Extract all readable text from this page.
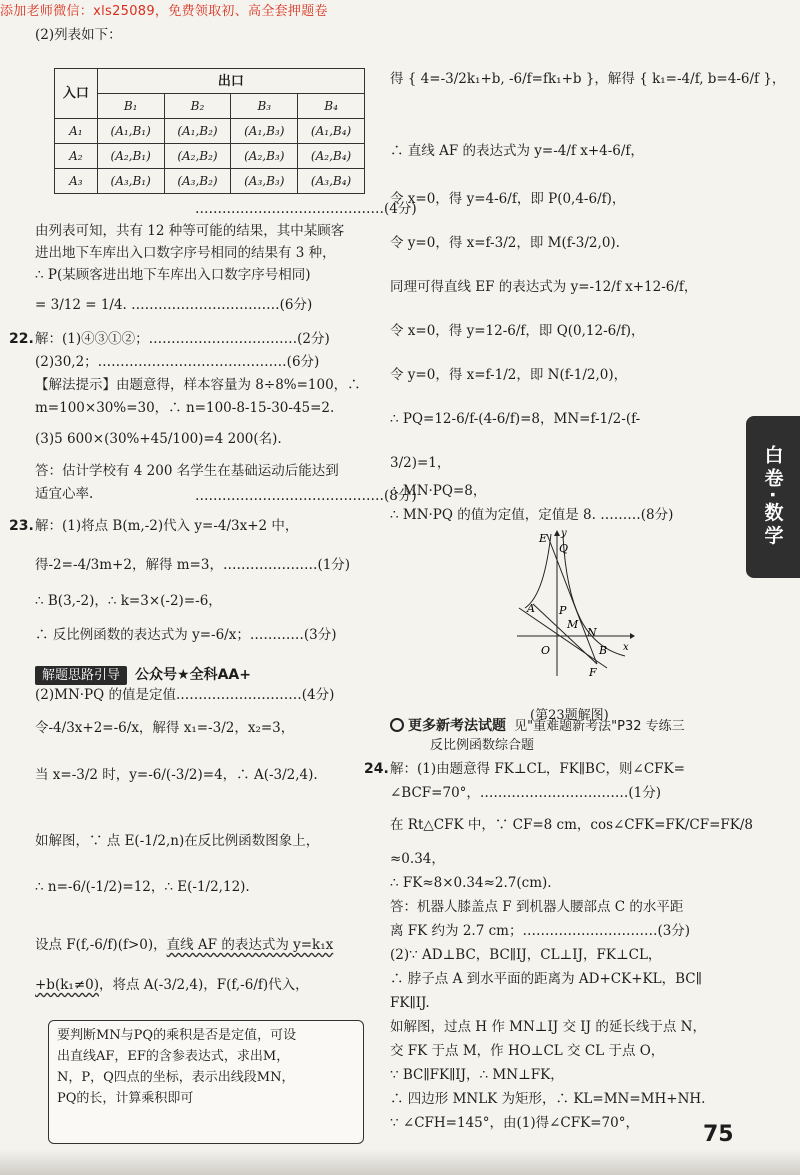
添加老师微信：xls25089，免费领取初、高全套押题卷
(2)列表如下：
入口	出口			
	B₁	B₂	B₃	B₄
A₁	(A₁,B₁)	(A₁,B₂)	(A₁,B₃)	(A₁,B₄)
A₂	(A₂,B₁)	(A₂,B₂)	(A₂,B₃)	(A₂,B₄)
A₃	(A₃,B₁)	(A₃,B₂)	(A₃,B₃)	(A₃,B₄)
……………………………………(4分)
由列表可知，共有 12 种等可能的结果，其中某顾客
进出地下车库出入口数字序号相同的结果有 3 种，
∴ P(某顾客进出地下车库出入口数字序号相同)
= 3/12 = 1/4. ……………………………(6分)
22. 解：(1)④③①②；……………………………(2分)
(2)30,2；……………………………………(6分)
【解法提示】由题意得，样本容量为 8÷8%=100，∴
m=100×30%=30，∴ n=100-8-15-30-45=2.
(3)5 600×(30%+45/100)=4 200(名).
答：估计学校有 4 200 名学生在基础运动后能达到
适宜心率.	……………………………………(8分)
23. 解：(1)将点 B(m,-2)代入 y=-4/3x+2 中，
得-2=-4/3m+2，解得 m=3，…………………(1分)
∴ B(3,-2)，∴ k=3×(-2)=-6，
∴ 反比例函数的表达式为 y=-6/x；…………(3分)
解题思路引导	公众号★全科AA+
(2)MN·PQ 的值是定值.………………………(4分)
令-4/3x+2=-6/x，解得 x₁=-3/2，x₂=3，
当 x=-3/2 时，y=-6/(-3/2)=4，∴ A(-3/2,4).
如解图，∵ 点 E(-1/2,n)在反比例函数图象上，
∴ n=-6/(-1/2)=12，∴ E(-1/2,12).
设点 F(f,-6/f)(f>0)，直线 AF 的表达式为 y=k₁x
+b(k₁≠0)，将点 A(-3/2,4)，F(f,-6/f)代入，
要判断MN与PQ的乘积是否是定值，可设
出直线AF，EF的含参表达式，求出M，
N，P，Q四点的坐标，表示出线段MN，
PQ的长，计算乘积即可
得 { 4=-3/2k₁+b, -6/f=fk₁+b }，解得 { k₁=-4/f, b=4-6/f }，
∴ 直线 AF 的表达式为 y=-4/f x+4-6/f，
令 x=0，得 y=4-6/f，即 P(0,4-6/f)，
令 y=0，得 x=f-3/2，即 M(f-3/2,0).
同理可得直线 EF 的表达式为 y=-12/f x+12-6/f，
令 x=0，得 y=12-6/f，即 Q(0,12-6/f)，
令 y=0，得 x=f-1/2，即 N(f-1/2,0)，
∴ PQ=12-6/f-(4-6/f)=8，MN=f-1/2-(f-
3/2)=1，
∴ MN·PQ=8，
∴ MN·PQ 的值为定值，定值是 8. ………(8分)
E y
Q
A P
M
N
O	B
F
x
(第23题解图)
更多新考法试题 见"重难题新考法"P32 专练三
反比例函数综合题
24. 解：(1)由题意得 FK⊥CL，FK∥BC，则∠CFK=
∠BCF=70°，……………………………(1分)
在 Rt△CFK 中，∵ CF=8 cm，cos∠CFK=FK/CF=FK/8
≈0.34，
∴ FK≈8×0.34≈2.7(cm).
答：机器人膝盖点 F 到机器人腰部点 C 的水平距
离 FK 约为 2.7 cm；…………………………(3分)
(2)∵ AD⊥BC，BC∥IJ，CL⊥IJ，FK⊥CL，
∴ 脖子点 A 到水平面的距离为 AD+CK+KL，BC∥
FK∥IJ.
如解图，过点 H 作 MN⊥IJ 交 IJ 的延长线于点 N，
交 FK 于点 M，作 HO⊥CL 交 CL 于点 O，
∵ BC∥FK∥IJ，∴ MN⊥FK，
∴ 四边形 MNLK 为矩形，∴ KL=MN=MH+NH.
∵ ∠CFH=145°，由(1)得∠CFK=70°，
白卷·数学
75
